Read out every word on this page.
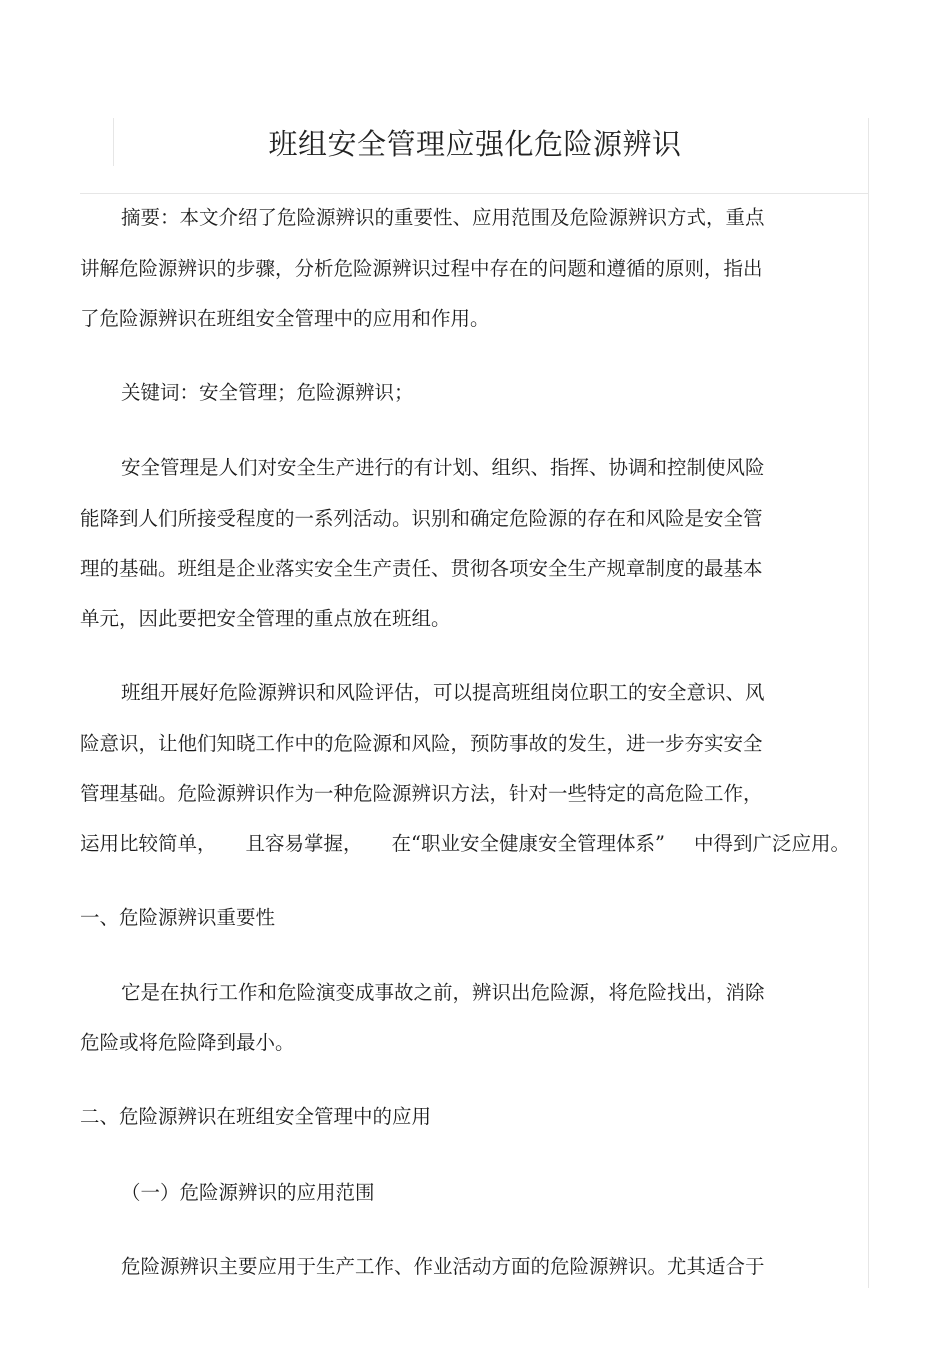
班组安全管理应强化危险源辨识
摘要：本文介绍了危险源辨识的重要性、应用范围及危险源辨识方式，重点
讲解危险源辨识的步骤，分析危险源辨识过程中存在的问题和遵循的原则，指出
了危险源辨识在班组安全管理中的应用和作用。
关键词：安全管理；危险源辨识；
安全管理是人们对安全生产进行的有计划、组织、指挥、协调和控制使风险
能降到人们所接受程度的一系列活动。识别和确定危险源的存在和风险是安全管
理的基础。班组是企业落实安全生产责任、贯彻各项安全生产规章制度的最基本
单元，因此要把安全管理的重点放在班组。
班组开展好危险源辨识和风险评估，可以提高班组岗位职工的安全意识、风
险意识，让他们知晓工作中的危险源和风险，预防事故的发生，进一步夯实安全
管理基础。危险源辨识作为一种危险源辨识方法，针对一些特定的高危险工作，
运用比较简单， 且容易掌握， 在“职业安全健康安全管理体系” 中得到广泛应用。
一、危险源辨识重要性
它是在执行工作和危险演变成事故之前，辨识出危险源，将危险找出，消除
危险或将危险降到最小。
二、危险源辨识在班组安全管理中的应用
（一）危险源辨识的应用范围
危险源辨识主要应用于生产工作、作业活动方面的危险源辨识。尤其适合于
